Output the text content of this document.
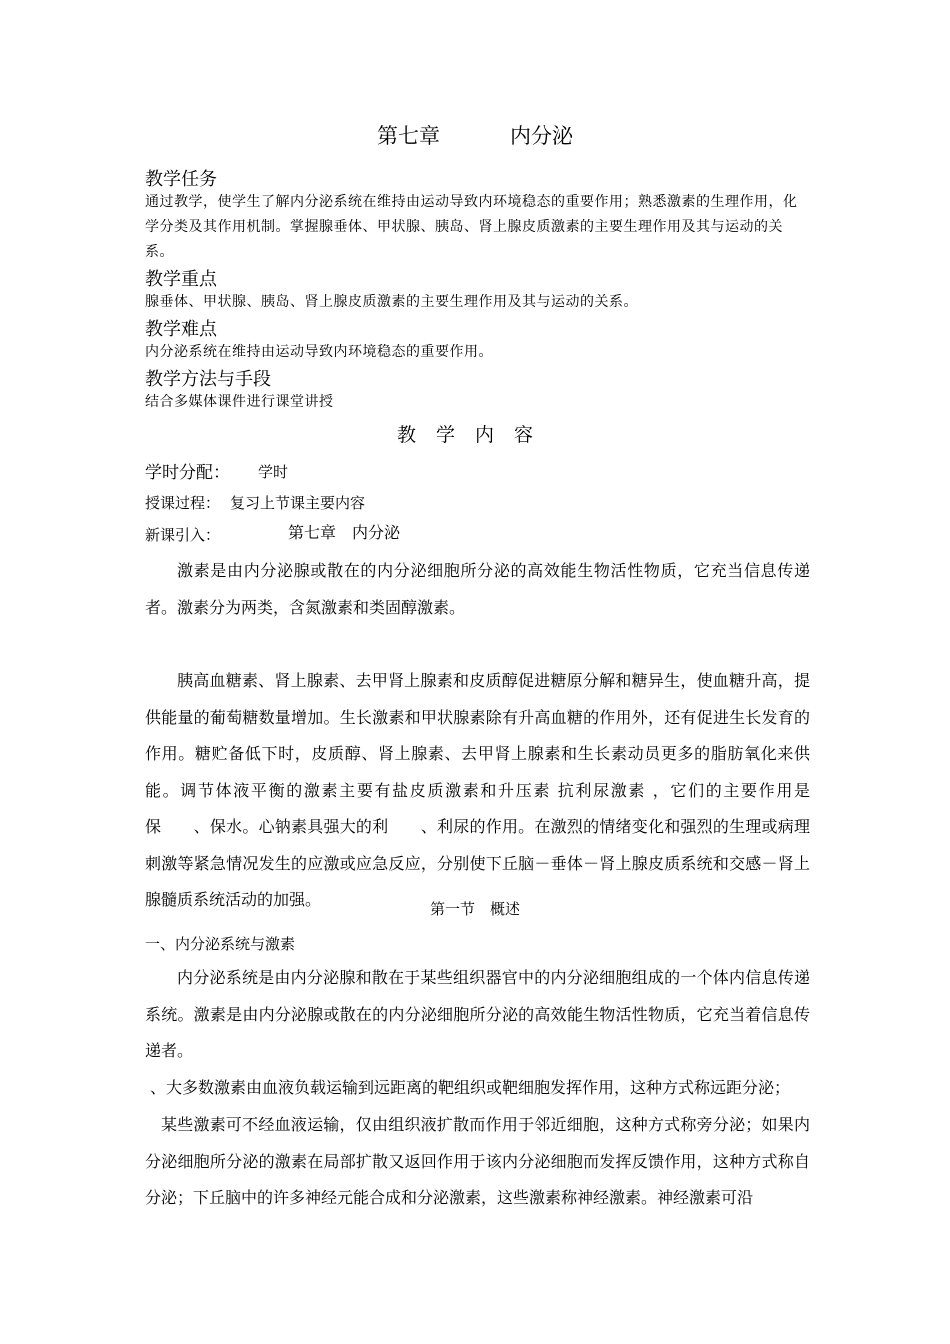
第七章	内分泌
教学任务
通过教学，使学生了解内分泌系统在维持由运动导致内环境稳态的重要作用；熟悉激素的生理作用，化学分类及其作用机制。掌握腺垂体、甲状腺、胰岛、肾上腺皮质激素的主要生理作用及其与运动的关系。
教学重点
腺垂体、甲状腺、胰岛、肾上腺皮质激素的主要生理作用及其与运动的关系。
教学难点
内分泌系统在维持由运动导致内环境稳态的重要作用。
教学方法与手段
结合多媒体课件进行课堂讲授
教学内容
学时分配： 学时
授课过程： 复习上节课主要内容
新课引入：	第七章　内分泌
激素是由内分泌腺或散在的内分泌细胞所分泌的高效能生物活性物质，它充当信息传递者。激素分为两类，含氮激素和类固醇激素。
胰高血糖素、肾上腺素、去甲肾上腺素和皮质醇促进糖原分解和糖异生，使血糖升高，提供能量的葡萄糖数量增加。生长激素和甲状腺素除有升高血糖的作用外，还有促进生长发育的作用。糖贮备低下时，皮质醇、肾上腺素、去甲肾上腺素和生长素动员更多的脂肪氧化来供能。调节体液平衡的激素主要有盐皮质激素和升压素 抗利尿激素 ，它们的主要作用是保　　、保水。心钠素具强大的利　　、利尿的作用。在激烈的情绪变化和强烈的生理或病理刺激等紧急情况发生的应激或应急反应，分别使下丘脑－垂体－肾上腺皮质系统和交感－肾上腺髓质系统活动的加强。	第一节　概述
一、内分泌系统与激素
内分泌系统是由内分泌腺和散在于某些组织器官中的内分泌细胞组成的一个体内信息传递系统。激素是由内分泌腺或散在的内分泌细胞所分泌的高效能生物活性物质，它充当着信息传递者。
、大多数激素由血液负载运输到远距离的靶组织或靶细胞发挥作用，这种方式称远距分泌；
某些激素可不经血液运输，仅由组织液扩散而作用于邻近细胞，这种方式称旁分泌；如果内分泌细胞所分泌的激素在局部扩散又返回作用于该内分泌细胞而发挥反馈作用，这种方式称自分泌；下丘脑中的许多神经元能合成和分泌激素，这些激素称神经激素。神经激素可沿
